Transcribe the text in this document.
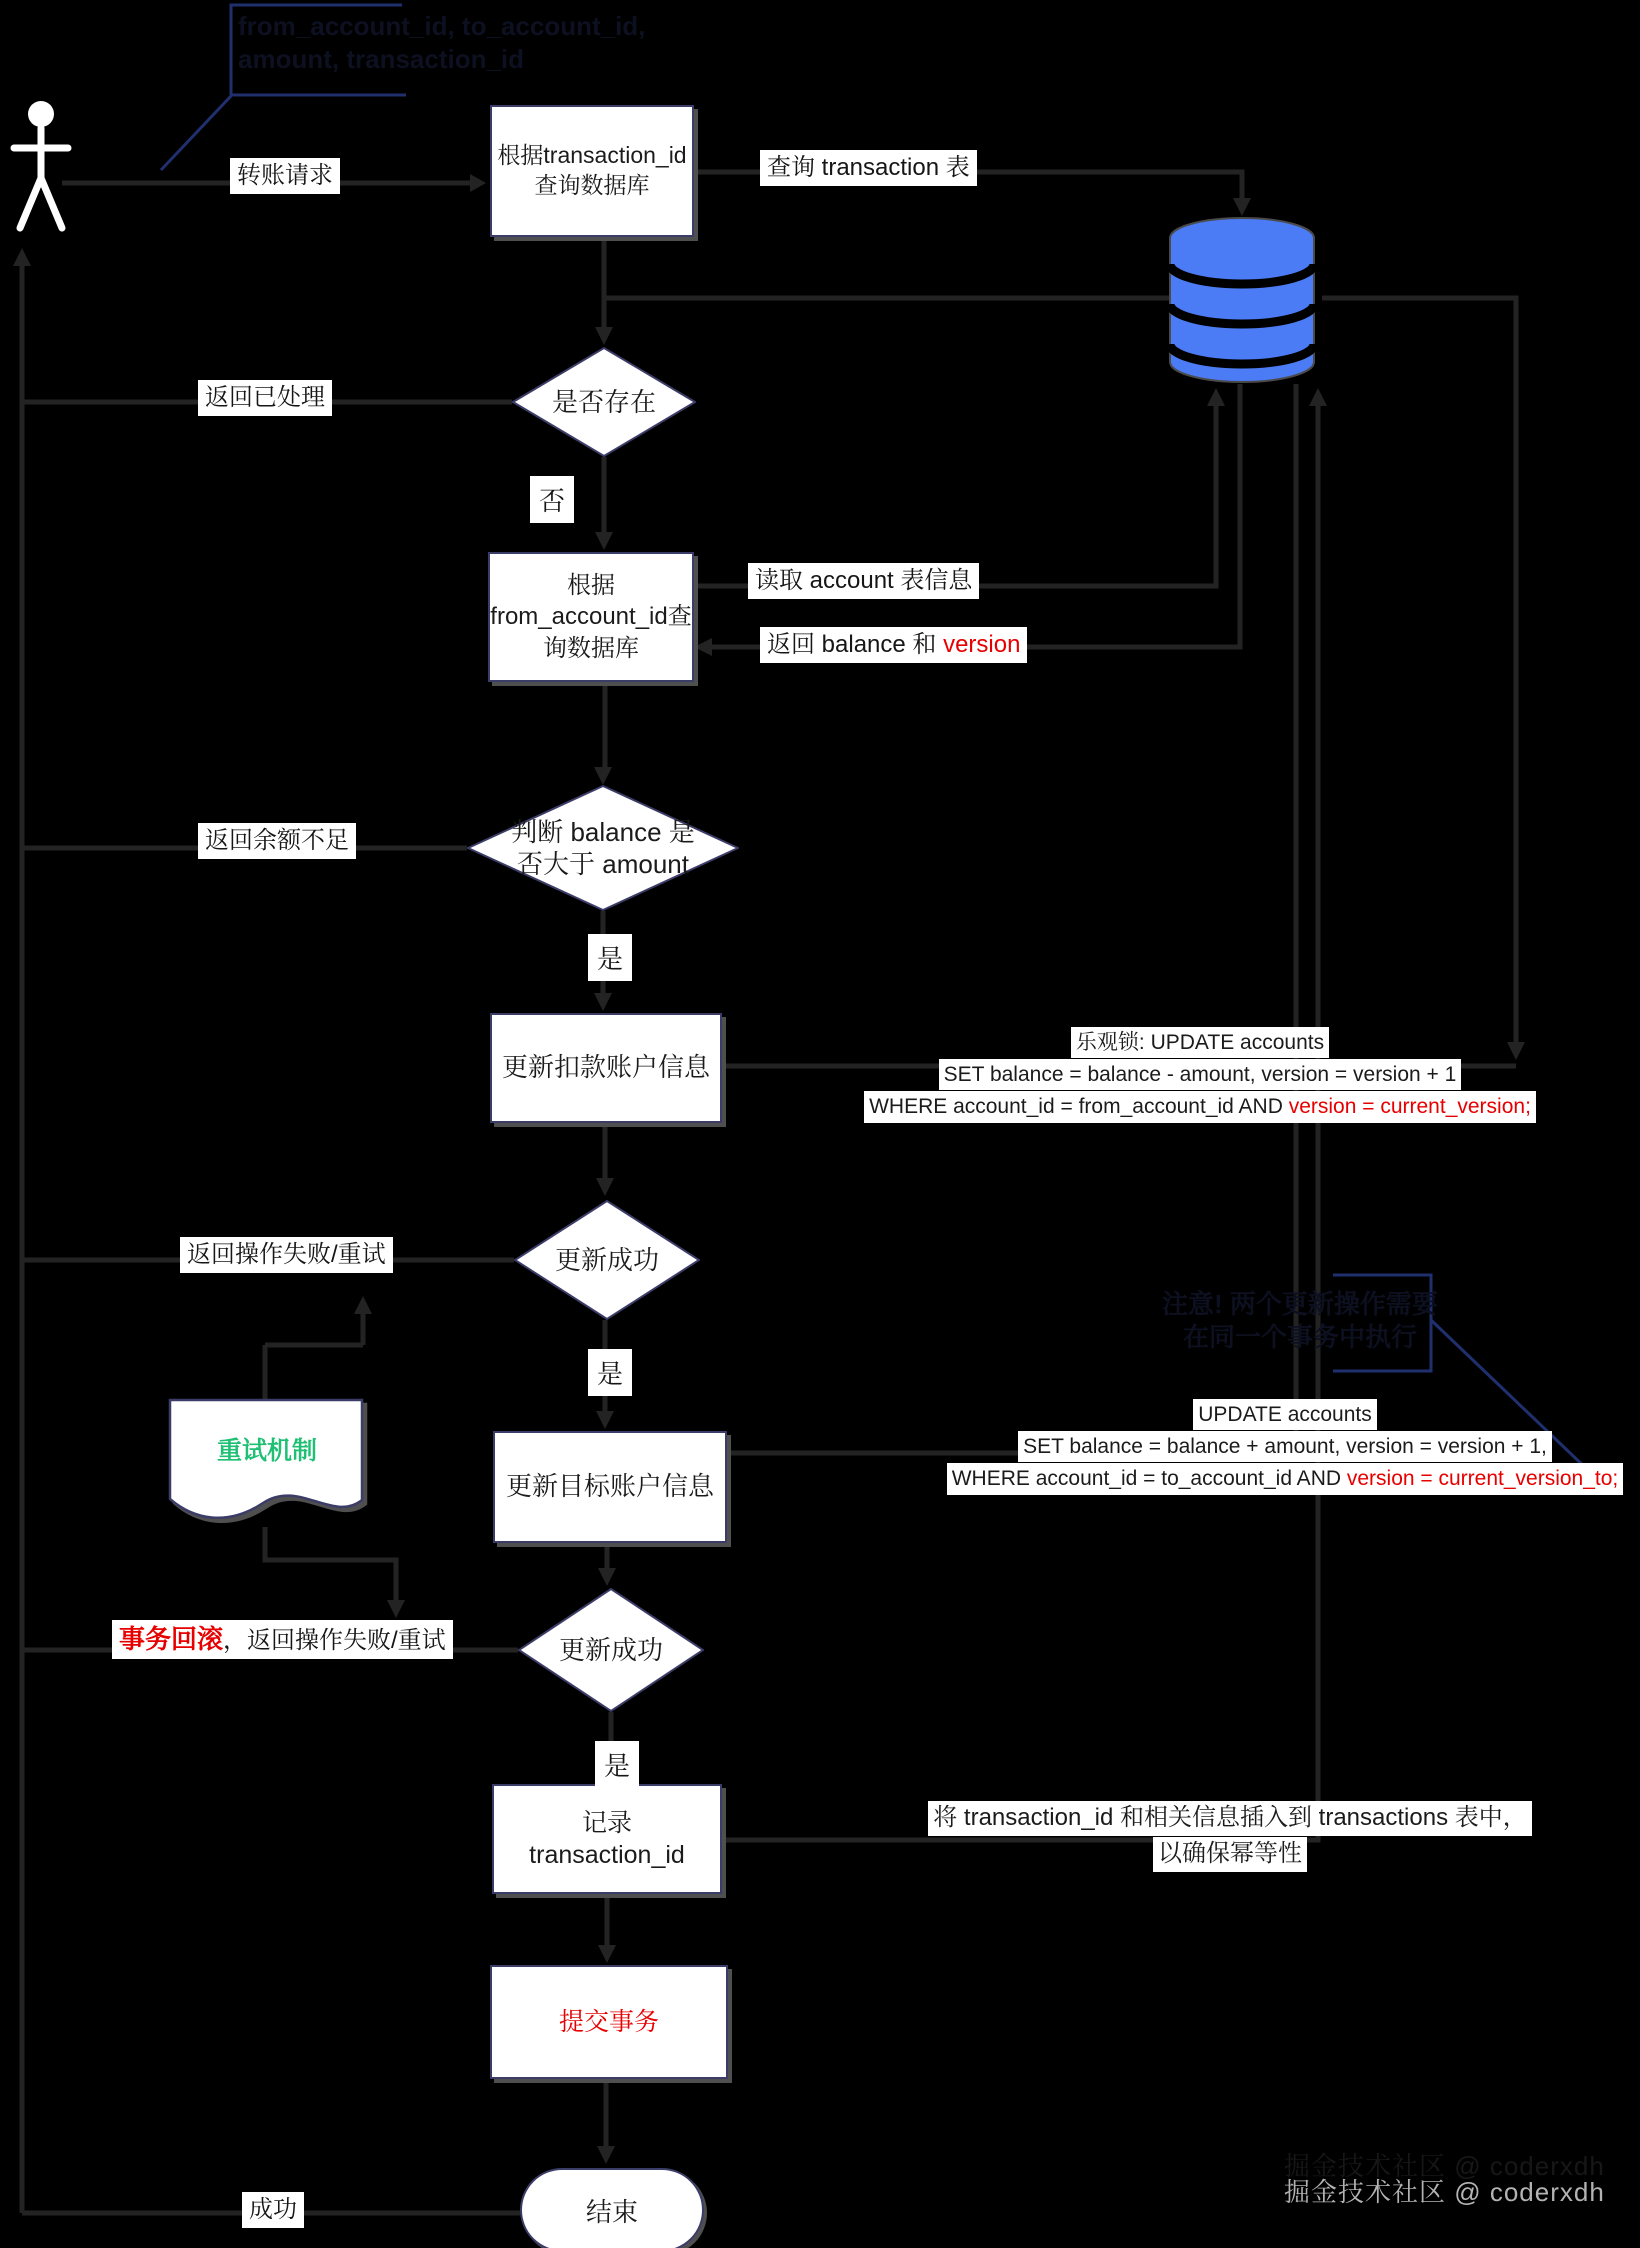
from_account_id, to_account_id,
amount, transaction_id
根据transaction_id
查询数据库
根据
from_account_id查
询数据库
更新扣款账户信息
更新目标账户信息
记录
transaction_id
提交事务
是否存在
判断 balance 是
否大于 amount
更新成功
更新成功
重试机制
结束
转账请求	查询 transaction 表
返回已处理
否
读取 account 表信息
返回 balance 和 version
返回余额不足
是
返回操作失败/重试
是
事务回滚，返回操作失败/重试
是
将 transaction_id 和相关信息插入到 transactions 表中，
以确保幂等性
成功
乐观锁: UPDATE accounts
SET balance = balance - amount, version = version + 1
WHERE account_id = from_account_id AND version = current_version;
UPDATE accounts
SET balance = balance + amount, version = version + 1,
WHERE account_id = to_account_id AND version = current_version_to;
注意! 两个更新操作需要
在同一个事务中执行
掘金技术社区 @ coderxdh
